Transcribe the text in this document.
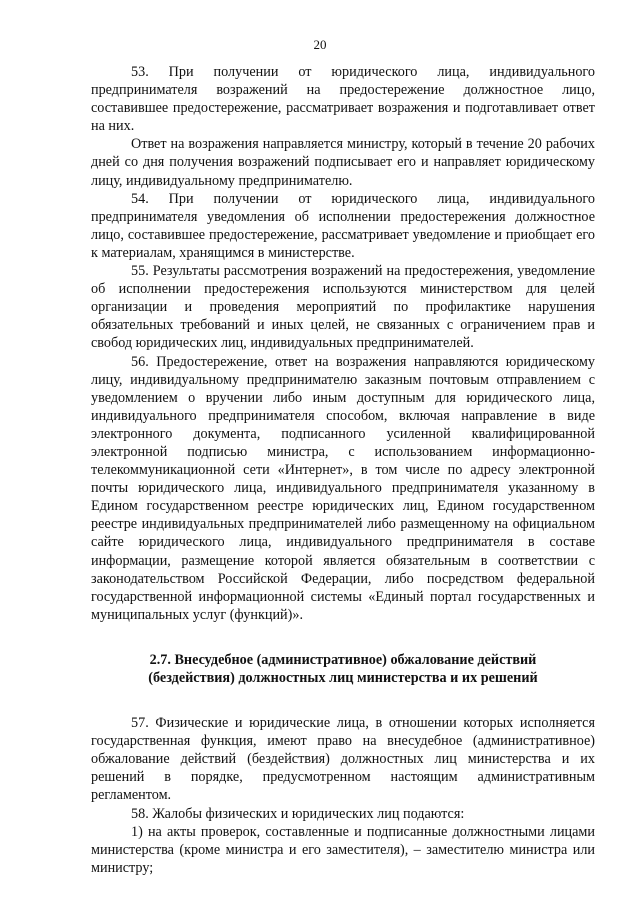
20

53. При получении от юридического лица, индивидуального предпринимателя возражений на предостережение должностное лицо, составившее предостережение, рассматривает возражения и подготавливает ответ на них.

Ответ на возражения направляется министру, который в течение 20 рабочих дней со дня получения возражений подписывает его и направляет юридическому лицу, индивидуальному предпринимателю.

54. При получении от юридического лица, индивидуального предпринимателя уведомления об исполнении предостережения должностное лицо, составившее предостережение, рассматривает уведомление и приобщает его к материалам, хранящимся в министерстве.

55. Результаты рассмотрения возражений на предостережения, уведомление об исполнении предостережения используются министерством для целей организации и проведения мероприятий по профилактике нарушения обязательных требований и иных целей, не связанных с ограничением прав и свобод юридических лиц, индивидуальных предпринимателей.

56. Предостережение, ответ на возражения направляются юридическому лицу, индивидуальному предпринимателю заказным почтовым отправлением с уведомлением о вручении либо иным доступным для юридического лица, индивидуального предпринимателя способом, включая направление в виде электронного документа, подписанного усиленной квалифицированной электронной подписью министра, с использованием информационно-телекоммуникационной сети «Интернет», в том числе по адресу электронной почты юридического лица, индивидуального предпринимателя указанному в Едином государственном реестре юридических лиц, Едином государственном реестре индивидуальных предпринимателей либо размещенному на официальном сайте юридического лица, индивидуального предпринимателя в составе информации, размещение которой является обязательным в соответствии с законодательством Российской Федерации, либо посредством федеральной государственной информационной системы «Единый портал государственных и муниципальных услуг (функций)».

2.7. Внесудебное (административное) обжалование действий
(бездействия) должностных лиц министерства и их решений

57. Физические и юридические лица, в отношении которых исполняется государственная функция, имеют право на внесудебное (административное) обжалование действий (бездействия) должностных лиц министерства и их решений в порядке, предусмотренном настоящим административным регламентом.

58. Жалобы физических и юридических лиц подаются:

1) на акты проверок, составленные и подписанные должностными лицами министерства (кроме министра и его заместителя), – заместителю министра или министру;
